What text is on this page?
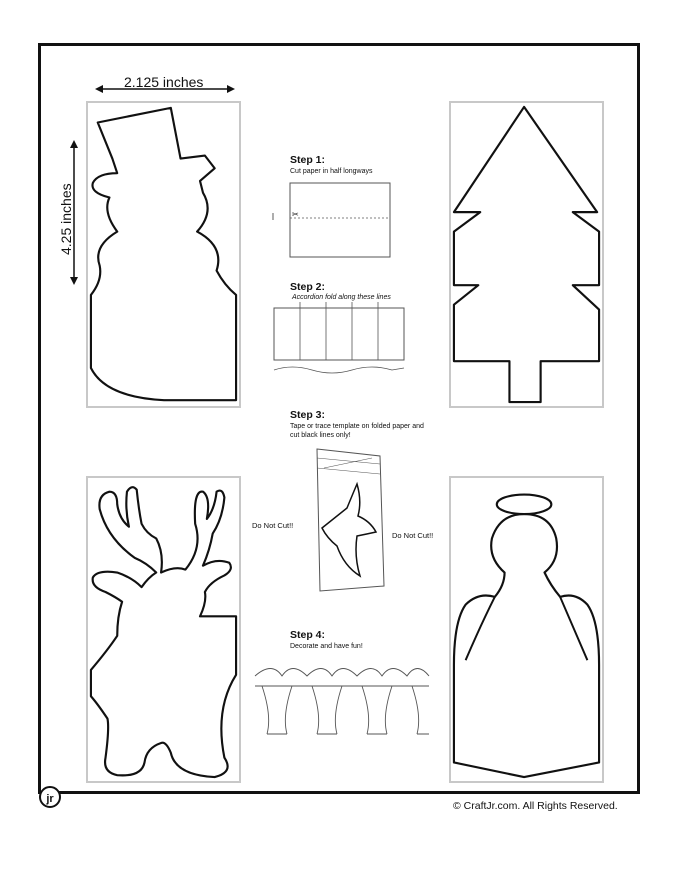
2.125 inches
4.25 inches
Step 1:
Cut paper in half longways
✂
Step 2:
Accordion fold along these lines
Step 3:
Tape or trace template on folded paper and cut black lines only!
Do Not Cut!!
Do Not Cut!!
Step 4:
Decorate and have fun!
jr
© CraftJr.com. All Rights Reserved.
